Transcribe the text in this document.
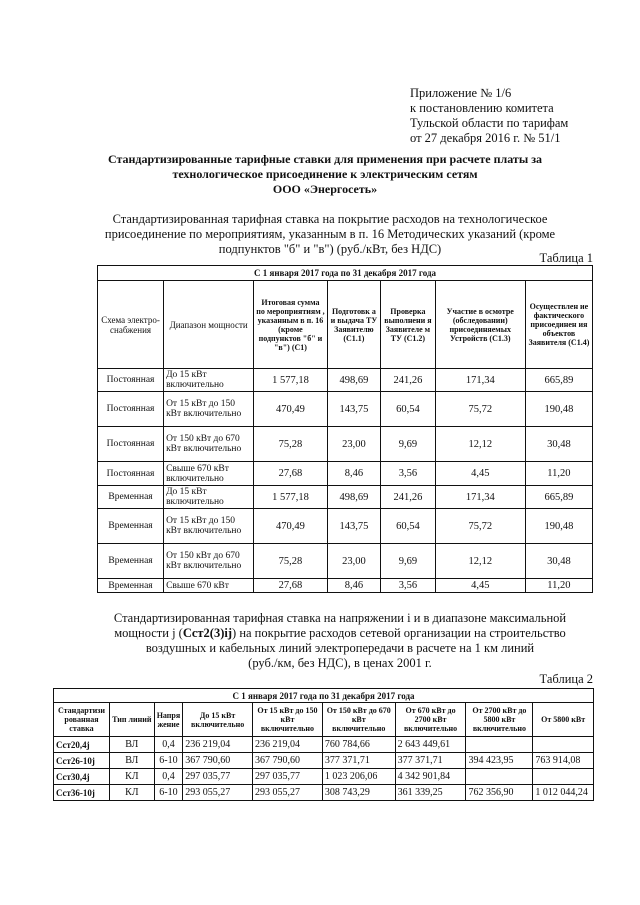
Приложение № 1/6
к постановлению комитета
Тульской области по тарифам
от 27 декабря 2016 г. № 51/1
Стандартизированные тарифные ставки для применения при расчете платы за
технологическое присоединение к электрическим сетям
ООО «Энергосеть»
Стандартизированная тарифная ставка на покрытие расходов на технологическое
присоединение по мероприятиям, указанным в п. 16 Методических указаний (кроме
подпунктов "б" и "в") (руб./кВт, без НДС)
Таблица 1
С 1 января 2017 года по 31 декабря 2017 года						
Схема электро-снабжения	Диапазон мощности	Итоговая сумма по мероприятиям , указанным в п. 16 (кроме подпунктов "б" и "в") (C1)	Подготовк а и выдача ТУ Заявителю (C1.1)	Проверка выполнени я Заявителе м ТУ (C1.2)	Участие в осмотре (обследовании) присоединяемых Устройств (C1.3)	Осуществлен ие фактического присоединен ия объектов Заявителя (C1.4)
Постоянная	До 15 кВт включительно	1 577,18	498,69	241,26	171,34	665,89
Постоянная	От 15 кВт до 150 кВт включительно	470,49	143,75	60,54	75,72	190,48
Постоянная	От 150 кВт до 670 кВт включительно	75,28	23,00	9,69	12,12	30,48
Постоянная	Свыше 670 кВт включительно	27,68	8,46	3,56	4,45	11,20
Временная	До 15 кВт включительно	1 577,18	498,69	241,26	171,34	665,89
Временная	От 15 кВт до 150 кВт включительно	470,49	143,75	60,54	75,72	190,48
Временная	От 150 кВт до 670 кВт включительно	75,28	23,00	9,69	12,12	30,48
Временная	Свыше 670 кВт	27,68	8,46	3,56	4,45	11,20
Стандартизированная тарифная ставка на напряжении i и в диапазоне максимальной
мощности j (Cст2(3)ij) на покрытие расходов сетевой организации на строительство
воздушных и кабельных линий электропередачи в расчете на 1 км линий
(руб./км, без НДС), в ценах 2001 г.
Таблица 2
С 1 января 2017 года по 31 декабря 2017 года								
Стандартизи рованная ставка	Тип линий	Напря жение	До 15 кВт включительно	От 15 кВт до 150 кВт включительно	От 150 кВт до 670 кВт включительно	От 670 кВт до 2700 кВт включительно	От 2700 кВт до 5800 кВт включительно	От 5800 кВт
Cст20,4j	ВЛ	0,4	236 219,04	236 219,04	760 784,66	2 643 449,61		
Cст26-10j	ВЛ	6-10	367 790,60	367 790,60	377 371,71	377 371,71	394 423,95	763 914,08
Cст30,4j	КЛ	0,4	297 035,77	297 035,77	1 023 206,06	4 342 901,84		
Cст36-10j	КЛ	6-10	293 055,27	293 055,27	308 743,29	361 339,25	762 356,90	1 012 044,24
